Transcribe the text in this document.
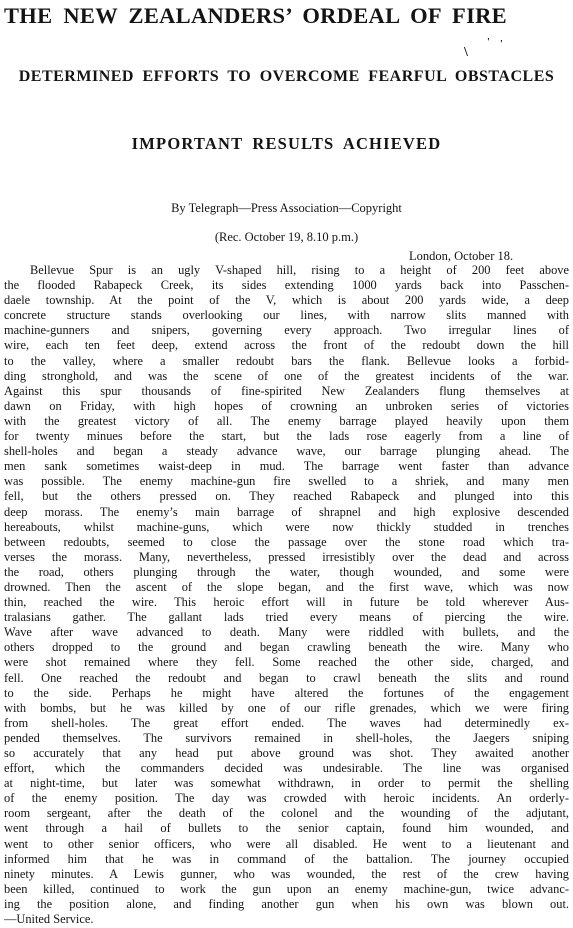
THE NEW ZEALANDERS’ ORDEAL OF FIRE
\
' '
DETERMINED EFFORTS TO OVERCOME FEARFUL OBSTACLES
IMPORTANT RESULTS ACHIEVED

By Telegraph—Press Association—Copyright

(Rec. October 19, 8.10 p.m.)

London, October 18.

Bellevue Spur is an ugly V-shaped hill, rising to a height of 200 feet above
the flooded Rabapeck Creek, its sides extending 1000 yards back into Passchen-
daele township. At the point of the V, which is about 200 yards wide, a deep
concrete structure stands overlooking our lines, with narrow slits manned with
machine-gunners and snipers, governing every approach. Two irregular lines of
wire, each ten feet deep, extend across the front of the redoubt down the hill
to the valley, where a smaller redoubt bars the flank. Bellevue looks a forbid-
ding stronghold, and was the scene of one of the greatest incidents of the war.
Against this spur thousands of fine-spirited New Zealanders flung themselves at
dawn on Friday, with high hopes of crowning an unbroken series of victories
with the greatest victory of all. The enemy barrage played heavily upon them
for twenty minues before the start, but the lads rose eagerly from a line of
shell-holes and began a steady advance wave, our barrage plunging ahead. The
men sank sometimes waist-deep in mud. The barrage went faster than advance
was possible. The enemy machine-gun fire swelled to a shriek, and many men
fell, but the others pressed on. They reached Rabapeck and plunged into this
deep morass. The enemy’s main barrage of shrapnel and high explosive descended
hereabouts, whilst machine-guns, which were now thickly studded in trenches
between redoubts, seemed to close the passage over the stone road which tra-
verses the morass. Many, nevertheless, pressed irresistibly over the dead and across
the road, others plunging through the water, though wounded, and some were
drowned. Then the ascent of the slope began, and the first wave, which was now
thin, reached the wire. This heroic effort will in future be told wherever Aus-
tralasians gather. The gallant lads tried every means of piercing the wire.
Wave after wave advanced to death. Many were riddled with bullets, and the
others dropped to the ground and began crawling beneath the wire. Many who
were shot remained where they fell. Some reached the other side, charged, and
fell. One reached the redoubt and began to crawl beneath the slits and round
to the side. Perhaps he might have altered the fortunes of the engagement
with bombs, but he was killed by one of our rifle grenades, which we were firing
from shell-holes. The great effort ended. The waves had determinedly ex-
pended themselves. The survivors remained in shell-holes, the Jaegers sniping
so accurately that any head put above ground was shot. They awaited another
effort, which the commanders decided was undesirable. The line was organised
at night-time, but later was somewhat withdrawn, in order to permit the shelling
of the enemy position. The day was crowded with heroic incidents. An orderly-
room sergeant, after the death of the colonel and the wounding of the adjutant,
went through a hail of bullets to the senior captain, found him wounded, and
went to other senior officers, who were all disabled. He went to a lieutenant and
informed him that he was in command of the battalion. The journey occupied
ninety minutes. A Lewis gunner, who was wounded, the rest of the crew having
been killed, continued to work the gun upon an enemy machine-gun, twice advanc-
ing the position alone, and finding another gun when his own was blown out.
—United Service.
